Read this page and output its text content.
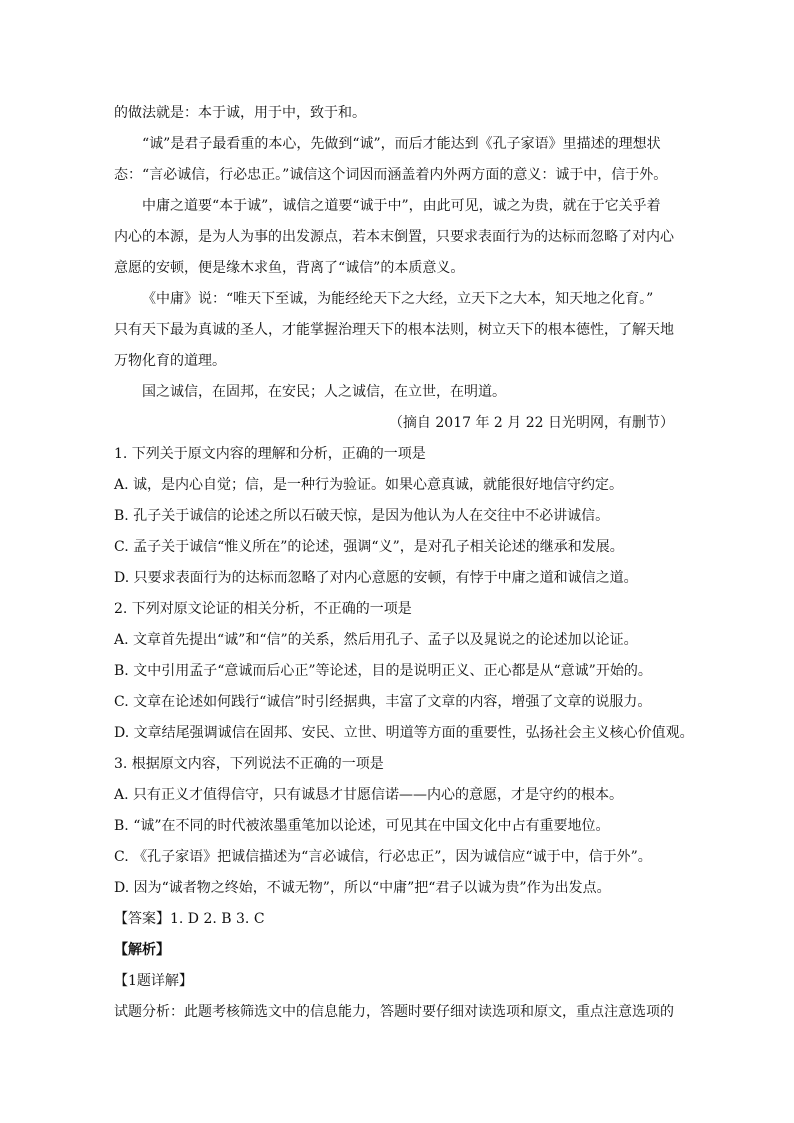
的做法就是：本于诚，用于中，致于和。
“诚”是君子最看重的本心，先做到“诚”，而后才能达到《孔子家语》里描述的理想状
态：“言必诚信，行必忠正。”诚信这个词因而涵盖着内外两方面的意义：诚于中，信于外。
中庸之道要“本于诚”，诚信之道要“诚于中”，由此可见，诚之为贵，就在于它关乎着
内心的本源，是为人为事的出发源点，若本末倒置，只要求表面行为的达标而忽略了对内心
意愿的安顿，便是缘木求鱼，背离了“诚信”的本质意义。
《中庸》说：“唯天下至诚，为能经纶天下之大经，立天下之大本，知天地之化育。”
只有天下最为真诚的圣人，才能掌握治理天下的根本法则，树立天下的根本德性，了解天地
万物化育的道理。
国之诚信，在固邦，在安民；人之诚信，在立世，在明道。
（摘自 2017 年 2 月 22 日光明网，有删节）
1. 下列关于原文内容的理解和分析，正确的一项是
A. 诚，是内心自觉；信，是一种行为验证。如果心意真诚，就能很好地信守约定。
B. 孔子关于诚信的论述之所以石破天惊，是因为他认为人在交往中不必讲诚信。
C. 孟子关于诚信“惟义所在”的论述，强调“义”，是对孔子相关论述的继承和发展。
D. 只要求表面行为的达标而忽略了对内心意愿的安顿，有悖于中庸之道和诚信之道。
2. 下列对原文论证的相关分析，不正确的一项是
A. 文章首先提出“诚”和“信”的关系，然后用孔子、孟子以及晁说之的论述加以论证。
B. 文中引用孟子“意诚而后心正”等论述，目的是说明正义、正心都是从“意诚”开始的。
C. 文章在论述如何践行“诚信”时引经据典，丰富了文章的内容，增强了文章的说服力。
D. 文章结尾强调诚信在固邦、安民、立世、明道等方面的重要性，弘扬社会主义核心价值观。
3. 根据原文内容，下列说法不正确的一项是
A. 只有正义才值得信守，只有诚恳才甘愿信诺——内心的意愿，才是守约的根本。
B. “诚”在不同的时代被浓墨重笔加以论述，可见其在中国文化中占有重要地位。
C. 《孔子家语》把诚信描述为“言必诚信，行必忠正”，因为诚信应“诚于中，信于外”。
D. 因为“诚者物之终始，不诚无物”，所以“中庸”把“君子以诚为贵”作为出发点。
【答案】1. D 2. B 3. C
【解析】
【1题详解】
试题分析：此题考核筛选文中的信息能力，答题时要仔细对读选项和原文，重点注意选项的
